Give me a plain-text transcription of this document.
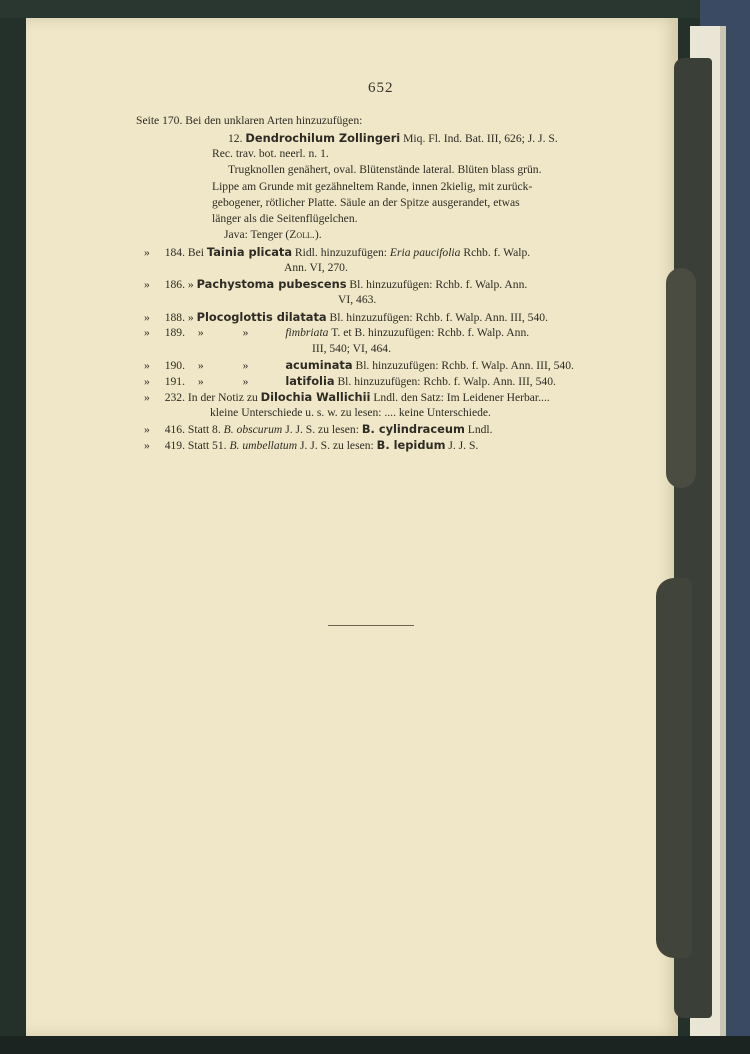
652
Seite 170. Bei den unklaren Arten hinzuzufügen:
12. Dendrochilum Zollingeri Miq. Fl. Ind. Bat. III, 626; J. J. S.
Rec. trav. bot. neerl. n. 1.
Trugknollen genähert, oval. Blütenstände lateral. Blüten blass grün.
Lippe am Grunde mit gezähneltem Rande, innen 2kielig, mit zurück-
gebogener, rötlicher Platte. Säule an der Spitze ausgerandet, etwas
länger als die Seitenflügelchen.
Java: Tenger (Zoll.).
» 184. Bei Tainia plicata Ridl. hinzuzufügen: Eria paucifolia Rchb. f. Walp.
Ann. VI, 270.
» 186. » Pachystoma pubescens Bl. hinzuzufügen: Rchb. f. Walp. Ann.
VI, 463.
» 188. » Plocoglottis dilatata Bl. hinzuzufügen: Rchb. f. Walp. Ann. III, 540.
» 189. »	»	fimbriata T. et B. hinzuzufügen: Rchb. f. Walp. Ann.
III, 540; VI, 464.
» 190. »	»	acuminata Bl. hinzuzufügen: Rchb. f. Walp. Ann. III, 540.
» 191. »	»	latifolia Bl. hinzuzufügen: Rchb. f. Walp. Ann. III, 540.
» 232. In der Notiz zu Dilochia Wallichii Lndl. den Satz: Im Leidener Herbar....
kleine Unterschiede u. s. w. zu lesen: .... keine Unterschiede.
» 416. Statt 8. B. obscurum J. J. S. zu lesen: B. cylindraceum Lndl.
» 419. Statt 51. B. umbellatum J. J. S. zu lesen: B. lepidum J. J. S.
